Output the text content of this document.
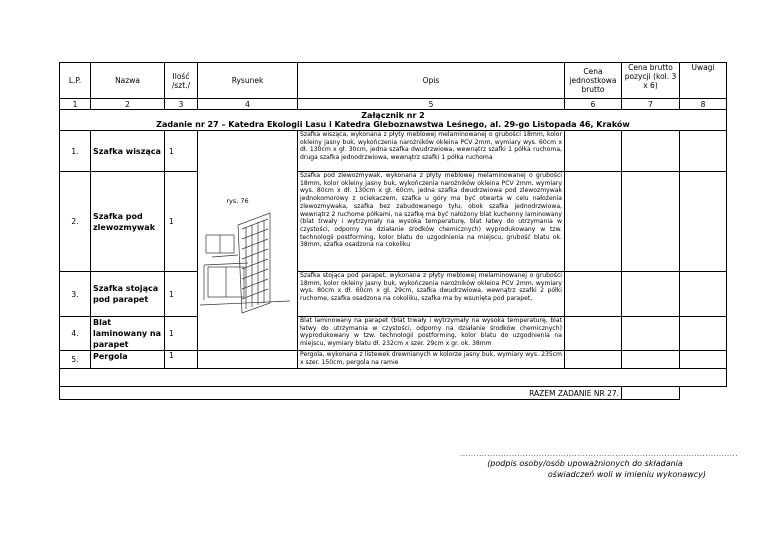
L.P.	Nazwa	Ilość /szt./	Rysunek	Opis	Cena jednostkowa brutto	Cena brutto pozycji (kol. 3 x 6)	Uwagi
1	2	3	4	5	6	7	8

Załącznik nr 2
Zadanie nr 27 – Katedra Ekologii Lasu i Katedra Gleboznawstwa Leśnego, al. 29-go Listopada 46, Kraków							

1.	Szafka wisząca	1	rys. 76	Szafka wisząca, wykonana z płyty meblowej melaminowanej o grubości 18mm, kolor okleiny jasny buk, wykończenia narożników okleina PCV 2mm, wymiary wys. 60cm x dł. 130cm x gł. 30cm, jedna szafka dwudrzwiowa, wewnątrz szafki 1 półka ruchoma, druga szafka jednodrzwiowa, wewnątrz szafki 1 półka ruchoma			
2.	Szafka pod zlewozmywak	1		Szafka pod zlewozmywak, wykonana z płyty meblowej melaminowanej o grubości 18mm, kolor okleiny jasny buk, wykończenia narożników okleina PCV 2mm, wymiary wys. 80cm x dł. 130cm x gł. 60cm, jedna szafka dwudrzwiowa pod zlewozmywak jednokomorowy z ociekaczem, szafka u góry ma być otwarta w celu nałożenia zlewozmywaka, szafka bez zabudowanego tyłu, obok szafka jednodrzwiowa, wewnątrz 2 ruchome półkami, na szafkę ma być nałożony blat kuchenny laminowany (blat trwały i wytrzymały na wysoka temperaturę, blat łatwy do utrzymania w czystości, odporny na działanie środków chemicznych) wyprodukowany w tzw. technologii postforming, kolor blatu do uzgodnienia na miejscu, grubość blatu ok. 38mm, szafka osadzona na cokoliku			
3.	Szafka stojąca pod parapet	1		Szafka stojąca pod parapet, wykonana z płyty meblowej melaminowanej o grubości 18mm, kolor okleiny jasny buk, wykończenia narożników okleina PCV 2mm, wymiary wys. 80cm x dł. 60cm x gł. 29cm, szafka dwudrzwiowa, wewnątrz szafki 2 półki ruchome, szafka osadzona na cokoliku, szafka ma by wsunięta pod parapet,			
4.	Blat laminowany na parapet	1		Blat laminowany na parapet (blat trwały i wytrzymały na wysoka temperaturę, blat łatwy do utrzymania w czystości, odporny na działanie środków chemicznych) wyprodukowany w tzw. technologii postforming, kolor blatu do uzgodnienia na miejscu, wymiary blatu dł. 232cm x szer. 29cm x gr. ok. 38mm			
5.	Pergola	1		Pergola, wykonana z listewek drewnianych w kolorze jasny buk, wymiary wys. 235cm x szer. 150cm, pergola na ramie			

RAZEM ZADANIE NR 27.							
......................................................................................................
(podpis osoby/osób upoważnionych do składania
oświadczeń woli w imieniu wykonawcy)
